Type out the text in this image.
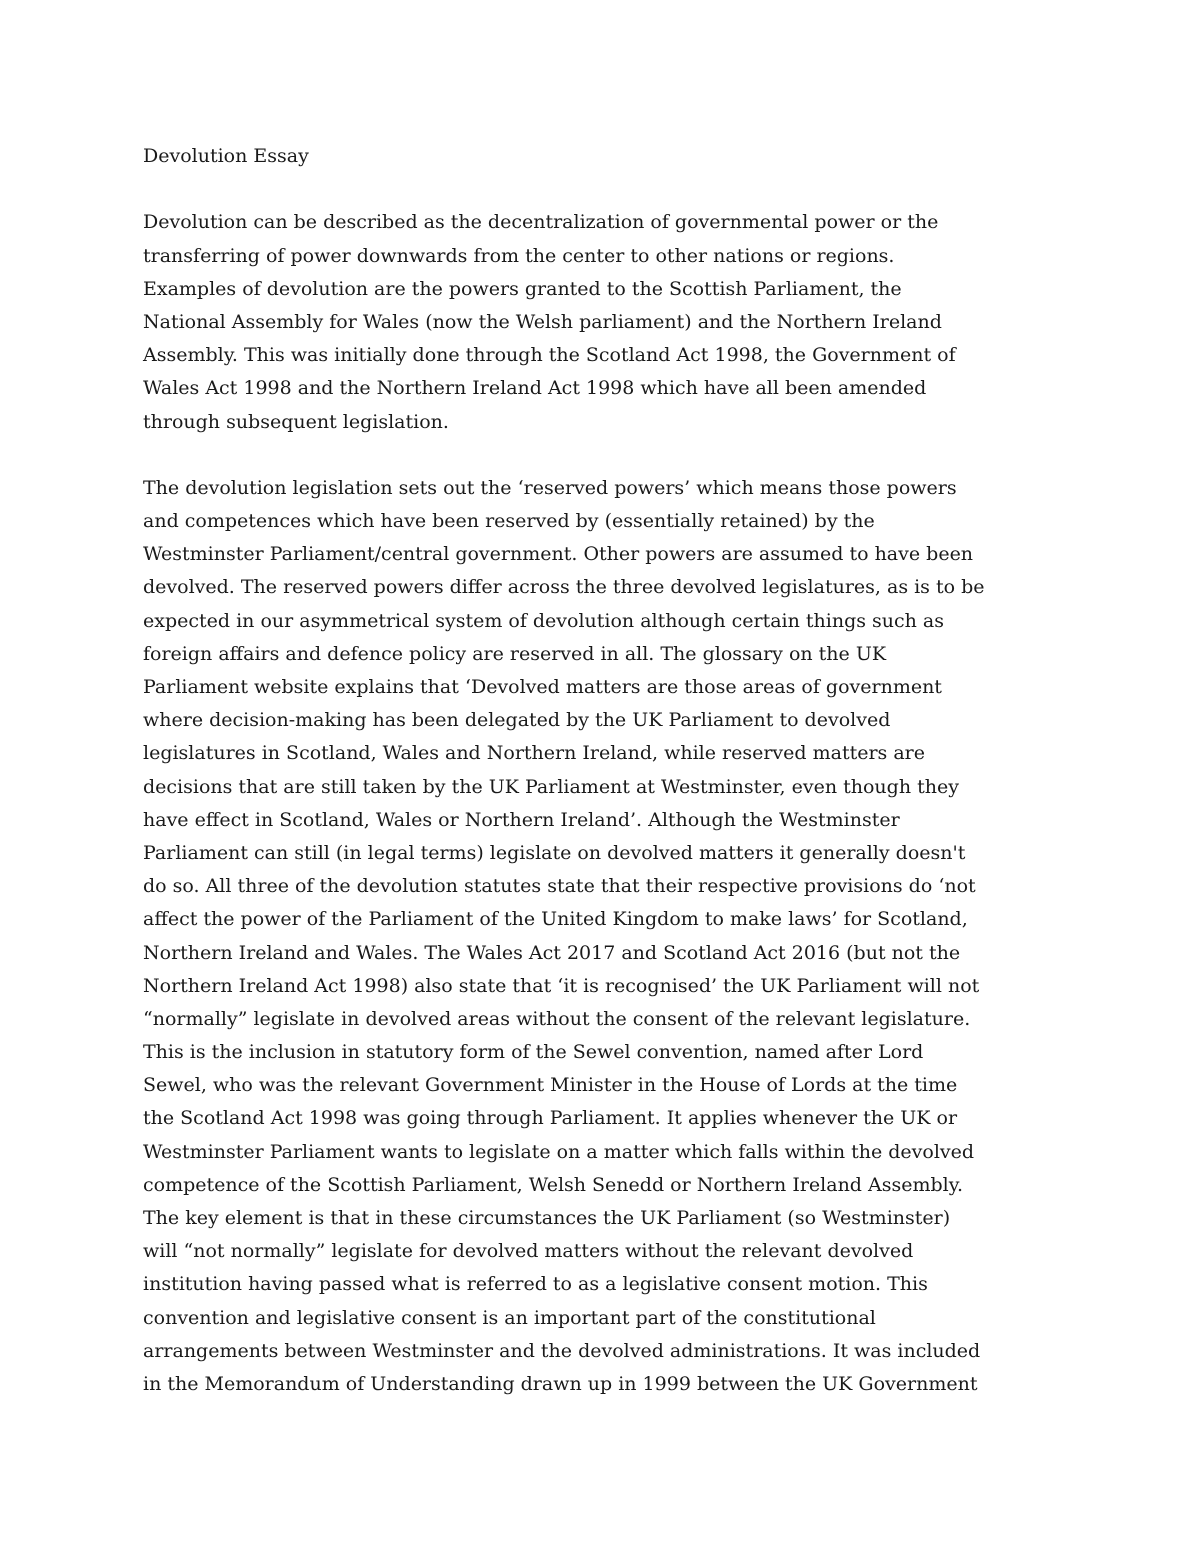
Devolution Essay
Devolution can be described as the decentralization of governmental power or the
transferring of power downwards from the center to other nations or regions.
Examples of devolution are the powers granted to the Scottish Parliament, the
National Assembly for Wales (now the Welsh parliament) and the Northern Ireland
Assembly. This was initially done through the Scotland Act 1998, the Government of
Wales Act 1998 and the Northern Ireland Act 1998 which have all been amended
through subsequent legislation.
The devolution legislation sets out the ‘reserved powers’ which means those powers
and competences which have been reserved by (essentially retained) by the
Westminster Parliament/central government. Other powers are assumed to have been
devolved. The reserved powers differ across the three devolved legislatures, as is to be
expected in our asymmetrical system of devolution although certain things such as
foreign affairs and defence policy are reserved in all. The glossary on the UK
Parliament website explains that ‘Devolved matters are those areas of government
where decision-making has been delegated by the UK Parliament to devolved
legislatures in Scotland, Wales and Northern Ireland, while reserved matters are
decisions that are still taken by the UK Parliament at Westminster, even though they
have effect in Scotland, Wales or Northern Ireland’. Although the Westminster
Parliament can still (in legal terms) legislate on devolved matters it generally doesn't
do so. All three of the devolution statutes state that their respective provisions do ‘not
affect the power of the Parliament of the United Kingdom to make laws’ for Scotland,
Northern Ireland and Wales. The Wales Act 2017 and Scotland Act 2016 (but not the
Northern Ireland Act 1998) also state that ‘it is recognised’ the UK Parliament will not
“normally” legislate in devolved areas without the consent of the relevant legislature.
This is the inclusion in statutory form of the Sewel convention, named after Lord
Sewel, who was the relevant Government Minister in the House of Lords at the time
the Scotland Act 1998 was going through Parliament. It applies whenever the UK or
Westminster Parliament wants to legislate on a matter which falls within the devolved
competence of the Scottish Parliament, Welsh Senedd or Northern Ireland Assembly.
The key element is that in these circumstances the UK Parliament (so Westminster)
will “not normally” legislate for devolved matters without the relevant devolved
institution having passed what is referred to as a legislative consent motion. This
convention and legislative consent is an important part of the constitutional
arrangements between Westminster and the devolved administrations. It was included
in the Memorandum of Understanding drawn up in 1999 between the UK Government
